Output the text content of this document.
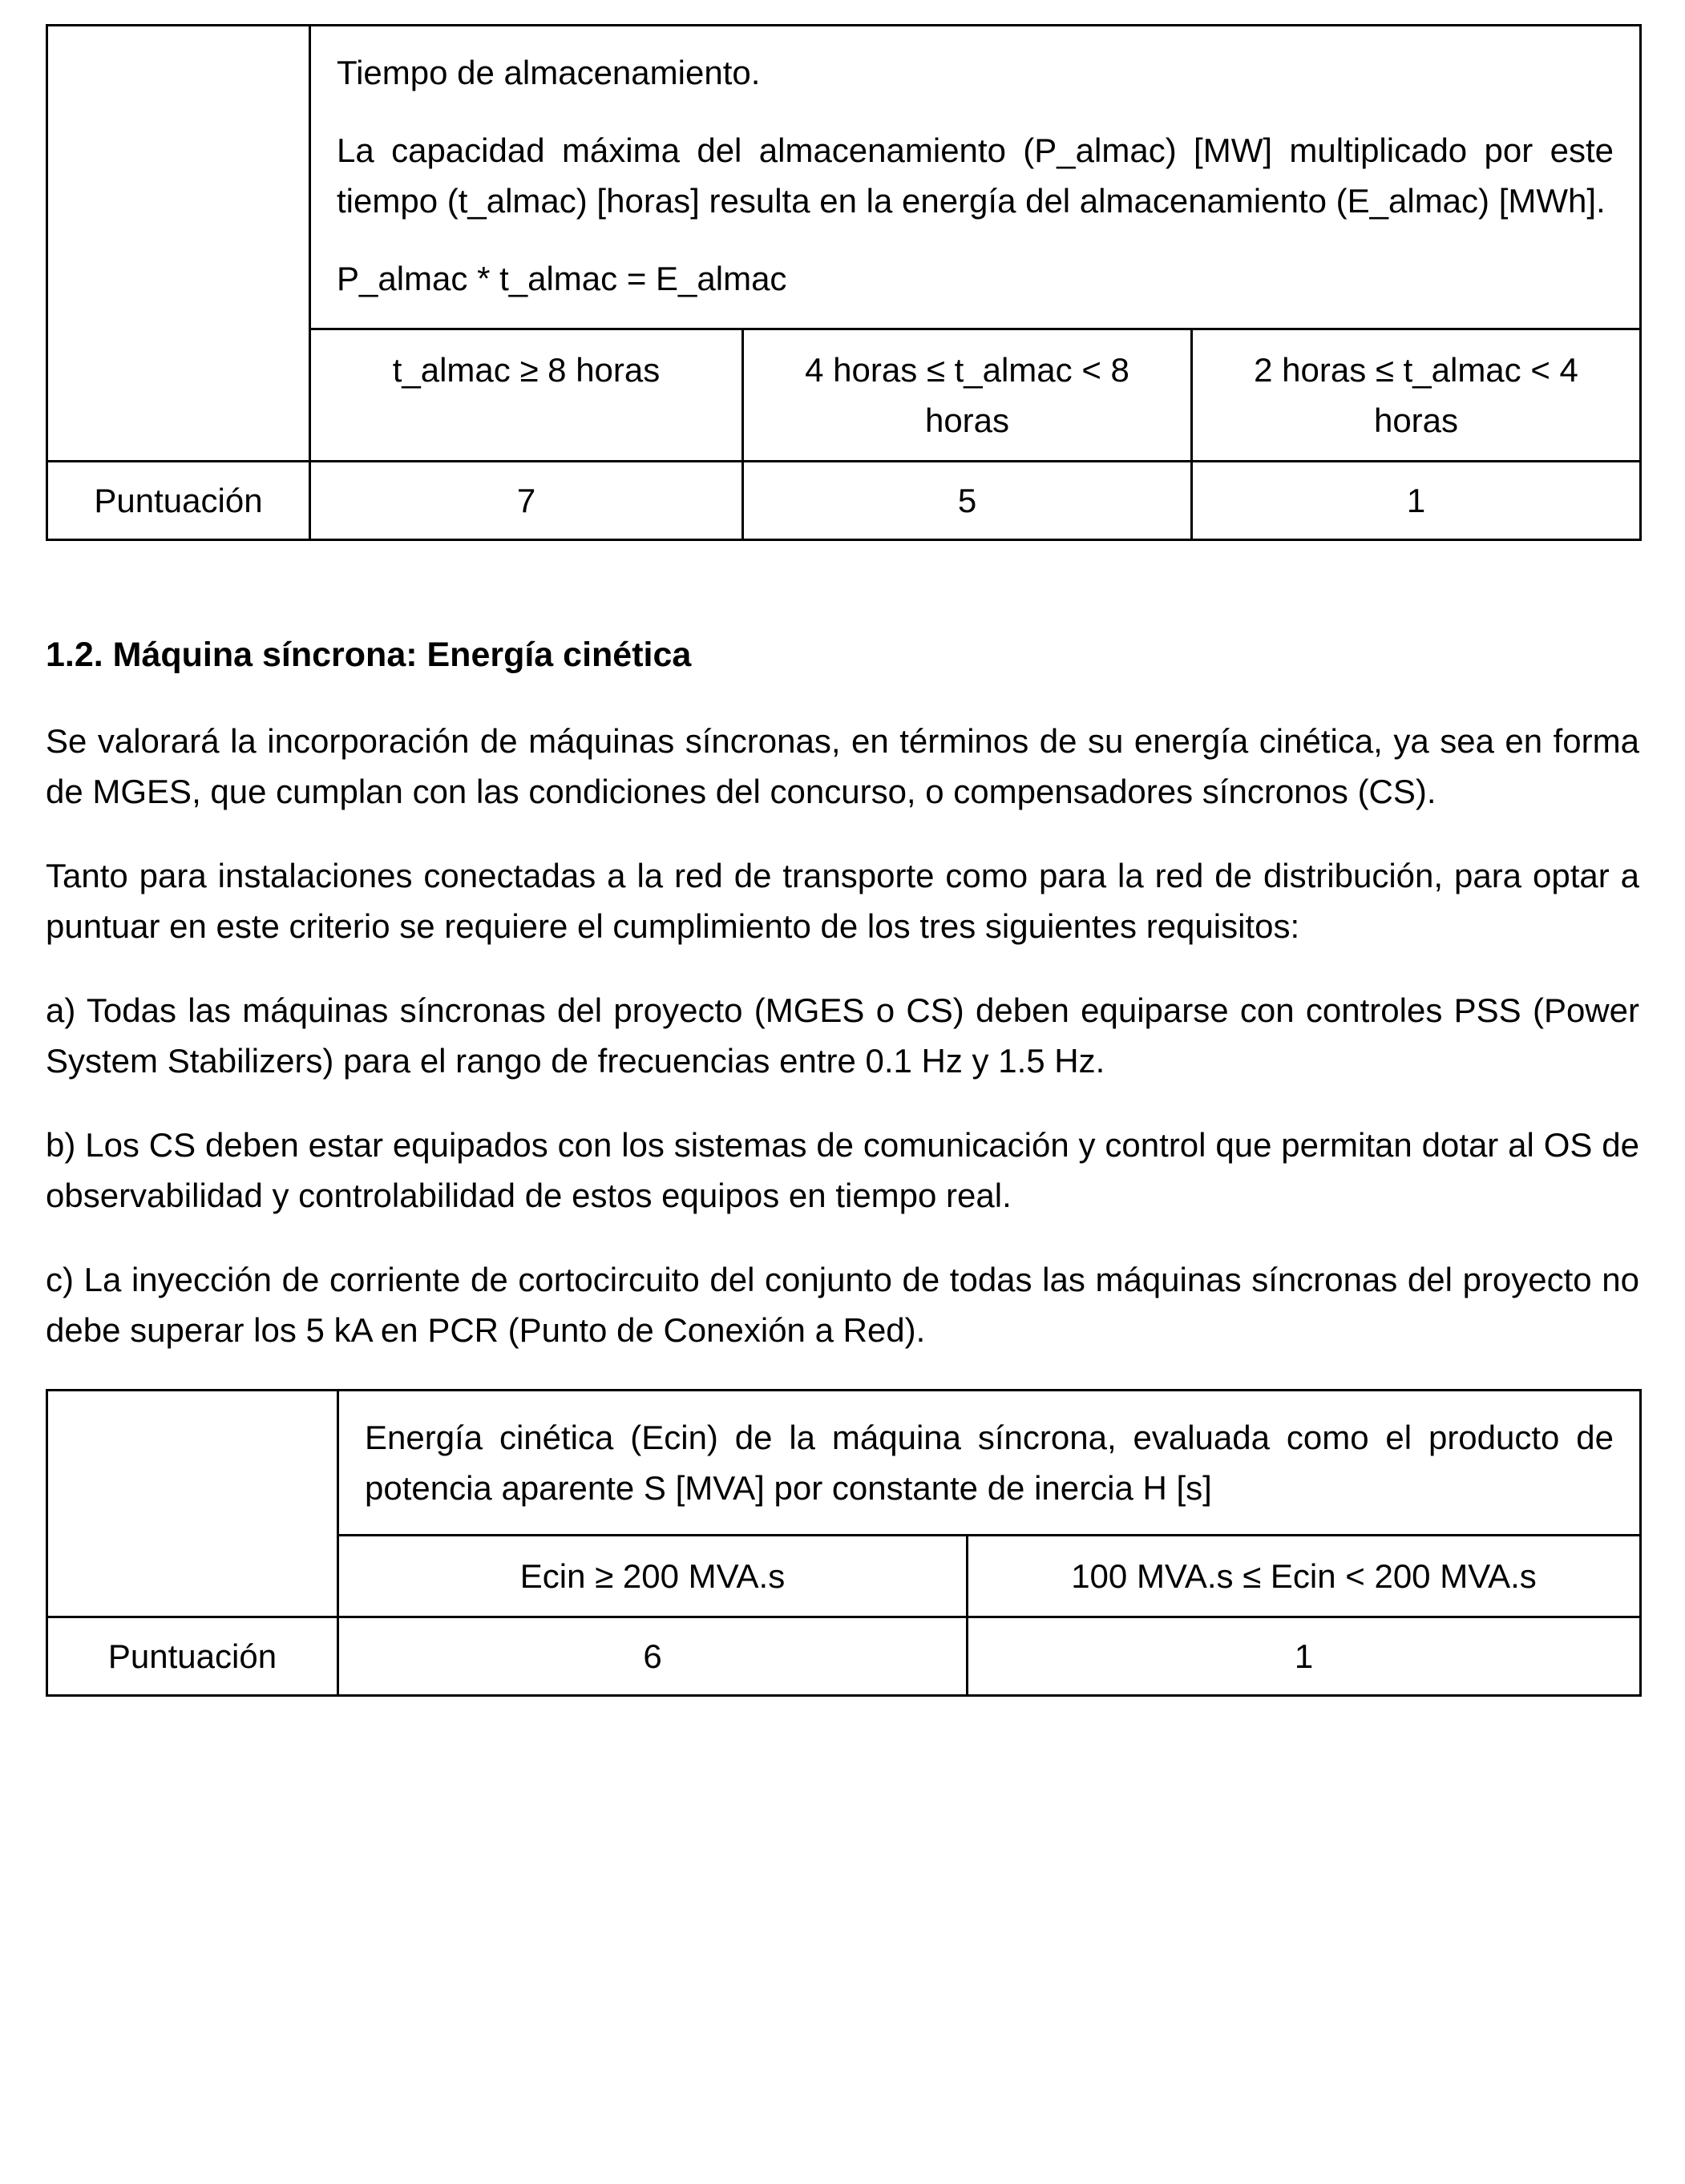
	Tiempo de almacenamiento.

La capacidad máxima del almacenamiento (P_almac) [MW] multiplicado por este tiempo (t_almac) [horas] resulta en la energía del almacenamiento (E_almac) [MWh].

P_almac * t_almac = E_almac		

	t_almac ≥ 8 horas	4 horas ≤ t_almac < 8 horas	2 horas ≤ t_almac < 4 horas
Puntuación	7	5	1
1.2. Máquina síncrona: Energía cinética

Se valorará la incorporación de máquinas síncronas, en términos de su energía cinética, ya sea en forma de MGES, que cumplan con las condiciones del concurso, o compensadores síncronos (CS).

Tanto para instalaciones conectadas a la red de transporte como para la red de distribución, para optar a puntuar en este criterio se requiere el cumplimiento de los tres siguientes requisitos:

a) Todas las máquinas síncronas del proyecto (MGES o CS) deben equiparse con controles PSS (Power System Stabilizers) para el rango de frecuencias entre 0.1 Hz y 1.5 Hz.

b) Los CS deben estar equipados con los sistemas de comunicación y control que permitan dotar al OS de observabilidad y controlabilidad de estos equipos en tiempo real.

c) La inyección de corriente de cortocircuito del conjunto de todas las máquinas síncronas del proyecto no debe superar los 5 kA en PCR (Punto de Conexión a Red).

	Energía cinética (Ecin) de la máquina síncrona, evaluada como el producto de potencia aparente S [MVA] por constante de inercia H [s]	

	Ecin ≥ 200 MVA.s	100 MVA.s ≤ Ecin < 200 MVA.s
Puntuación	6	1
